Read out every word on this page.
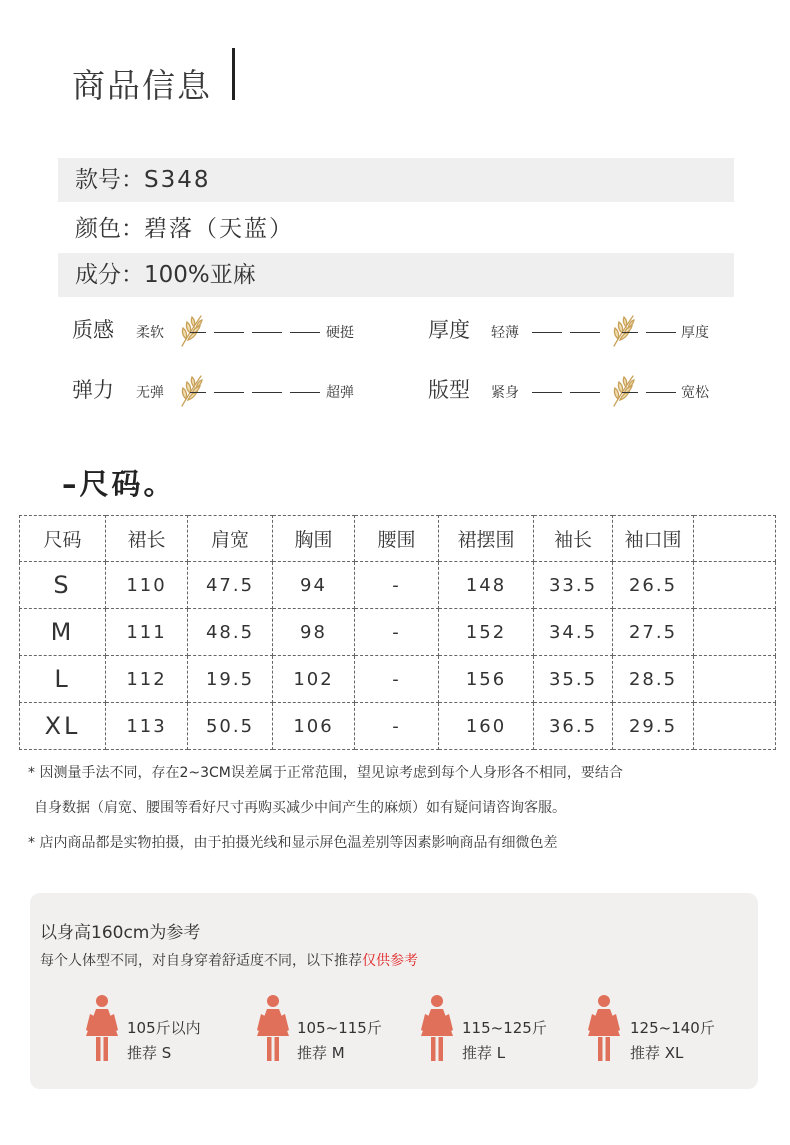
商品信息
款号：S348
颜色：碧落（天蓝）
成分：100%亚麻
质感 柔软	硬挺	厚度 轻薄	厚度
弹力 无弹	超弹	版型 紧身	宽松
–尺码。
尺码	裙长	肩宽	胸围	腰围	裙摆围	袖长	袖口围	
S	110	47.5	94	-	148	33.5	26.5	
M	111	48.5	98	-	152	34.5	27.5	
L	112	19.5	102	-	156	35.5	28.5	
XL	113	50.5	106	-	160	36.5	29.5	
* 因测量手法不同，存在2~3CM误差属于正常范围，望见谅考虑到每个人身形各不相同，要结合
自身数据（肩宽、腰围等看好尺寸再购买减少中间产生的麻烦）如有疑问请咨询客服。
* 店内商品都是实物拍摄，由于拍摄光线和显示屏色温差别等因素影响商品有细微色差
以身高160cm为参考
每个人体型不同，对自身穿着舒适度不同，以下推荐仅供参考
105斤以内
推荐 S
105~115斤
推荐 M
115~125斤
推荐 L
125~140斤
推荐 XL
